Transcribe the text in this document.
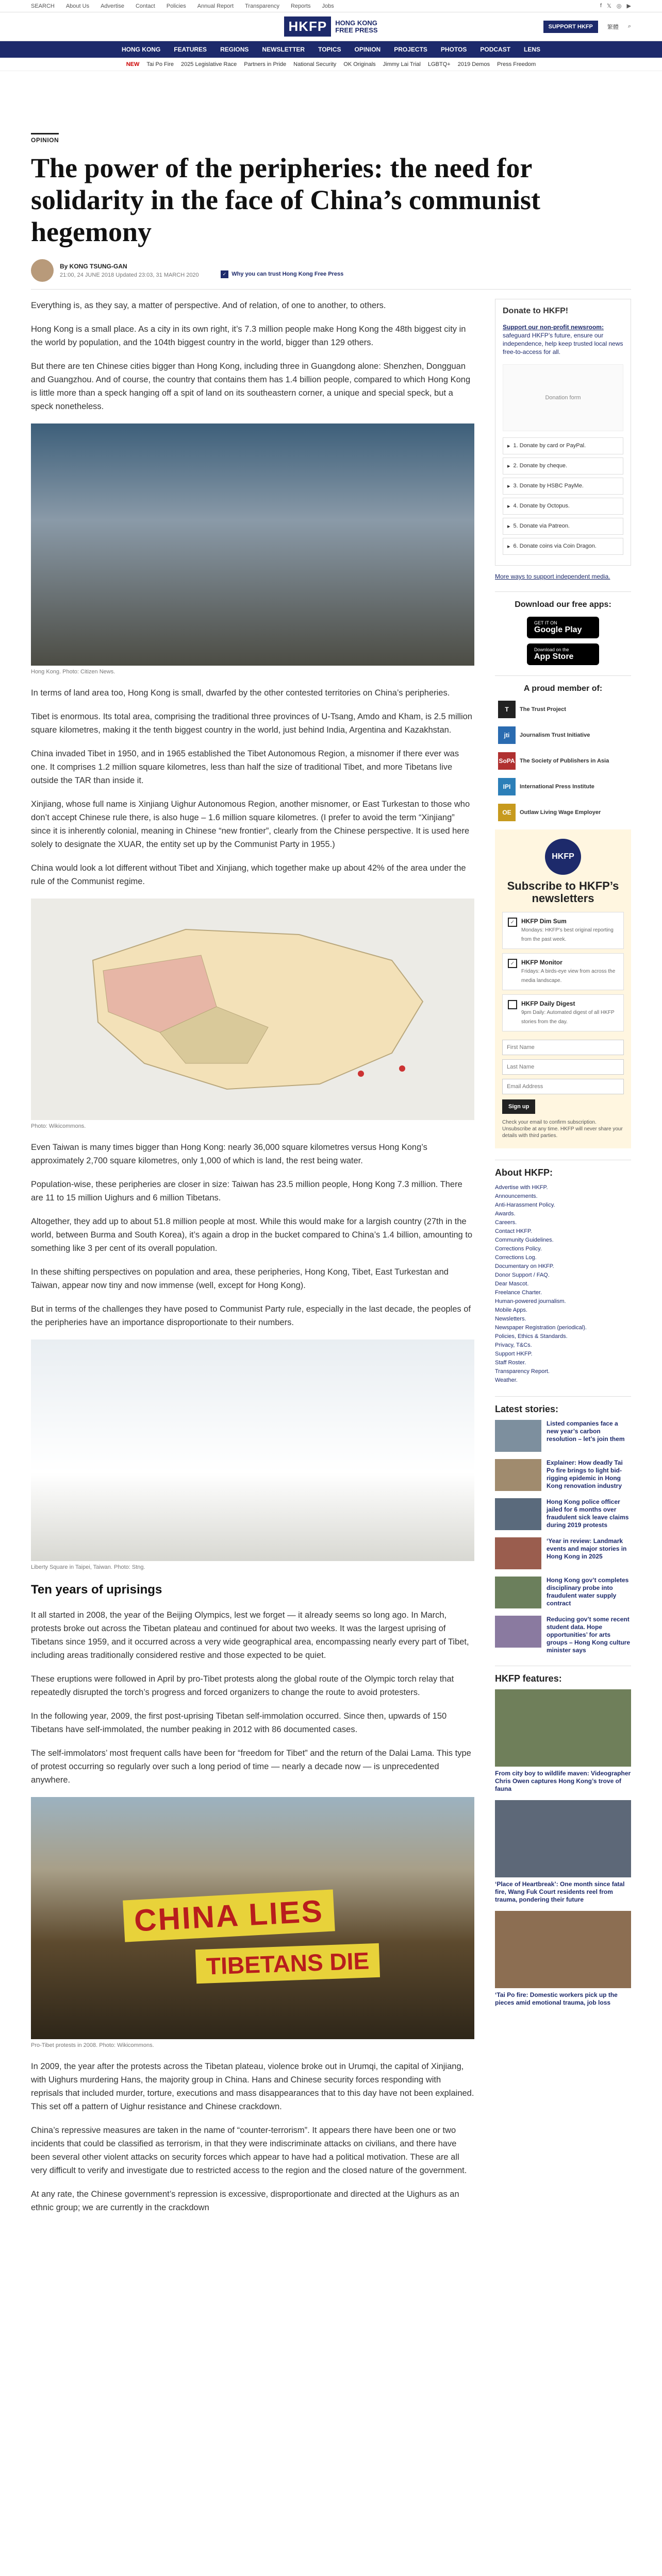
SEARCH About Us Advertise Contact Policies Annual Report Transparency Reports Jobs	f 𝕏 ◎ ▶
HKFP	HONG KONG
FREE PRESS	SUPPORT HKFP	繁體 ⌕
HONG KONG FEATURES REGIONS NEWSLETTER TOPICS OPINION PROJECTS PHOTOS PODCAST LENS
NEW Tai Po Fire 2025 Legislative Race Partners in Pride National Security OK Originals Jimmy Lai Trial LGBTQ+ 2019 Demos Press Freedom
OPINION
The power of the peripheries: the need for solidarity in the face of China’s communist hegemony
By KONG TSUNG-GAN
21:00, 24 JUNE 2018 Updated 23:03, 31 MARCH 2020	✓ Why you can trust Hong Kong Free Press

Everything is, as they say, a matter of perspective. And of relation, of one to another, to others.

Hong Kong is a small place. As a city in its own right, it’s 7.3 million people make Hong Kong the 48th biggest city in the world by population, and the 104th biggest country in the world, bigger than 129 others.

But there are ten Chinese cities bigger than Hong Kong, including three in Guangdong alone: Shenzhen, Dongguan and Guangzhou. And of course, the country that contains them has 1.4 billion people, compared to which Hong Kong is little more than a speck hanging off a spit of land on its southeastern corner, a unique and special speck, but a speck nonetheless.

Hong Kong. Photo: Citizen News.

In terms of land area too, Hong Kong is small, dwarfed by the other contested territories on China’s peripheries.

Tibet is enormous. Its total area, comprising the traditional three provinces of U-Tsang, Amdo and Kham, is 2.5 million square kilometres, making it the tenth biggest country in the world, just behind India, Argentina and Kazakhstan.

China invaded Tibet in 1950, and in 1965 established the Tibet Autonomous Region, a misnomer if there ever was one. It comprises 1.2 million square kilometres, less than half the size of traditional Tibet, and more Tibetans live outside the TAR than inside it.

Xinjiang, whose full name is Xinjiang Uighur Autonomous Region, another misnomer, or East Turkestan to those who don’t accept Chinese rule there, is also huge – 1.6 million square kilometres. (I prefer to avoid the term “Xinjiang” since it is inherently colonial, meaning in Chinese “new frontier”, clearly from the Chinese perspective. It is used here solely to designate the XUAR, the entity set up by the Communist Party in 1955.)

China would look a lot different without Tibet and Xinjiang, which together make up about 42% of the area under the rule of the Communist regime.

Photo: Wikicommons.

Even Taiwan is many times bigger than Hong Kong: nearly 36,000 square kilometres versus Hong Kong’s approximately 2,700 square kilometres, only 1,000 of which is land, the rest being water.

Population-wise, these peripheries are closer in size: Taiwan has 23.5 million people, Hong Kong 7.3 million. There are 11 to 15 million Uighurs and 6 million Tibetans.

Altogether, they add up to about 51.8 million people at most. While this would make for a largish country (27th in the world, between Burma and South Korea), it’s again a drop in the bucket compared to China’s 1.4 billion, amounting to something like 3 per cent of its overall population.

In these shifting perspectives on population and area, these peripheries, Hong Kong, Tibet, East Turkestan and Taiwan, appear now tiny and now immense (well, except for Hong Kong).

But in terms of the challenges they have posed to Communist Party rule, especially in the last decade, the peoples of the peripheries have an importance disproportionate to their numbers.

Liberty Square in Taipei, Taiwan. Photo: Stng.
Ten years of uprisings

It all started in 2008, the year of the Beijing Olympics, lest we forget — it already seems so long ago. In March, protests broke out across the Tibetan plateau and continued for about two weeks. It was the largest uprising of Tibetans since 1959, and it occurred across a very wide geographical area, encompassing nearly every part of Tibet, including areas traditionally considered restive and those expected to be quiet.

These eruptions were followed in April by pro-Tibet protests along the global route of the Olympic torch relay that repeatedly disrupted the torch’s progress and forced organizers to change the route to avoid protesters.

In the following year, 2009, the first post-uprising Tibetan self-immolation occurred. Since then, upwards of 150 Tibetans have self-immolated, the number peaking in 2012 with 86 documented cases.

The self-immolators’ most frequent calls have been for “freedom for Tibet” and the return of the Dalai Lama. This type of protest occurring so regularly over such a long period of time — nearly a decade now — is unprecedented anywhere.

CHINA LIES
TIBETANS DIE
Pro-Tibet protests in 2008. Photo: Wikicommons.

In 2009, the year after the protests across the Tibetan plateau, violence broke out in Urumqi, the capital of Xinjiang, with Uighurs murdering Hans, the majority group in China. Hans and Chinese security forces responding with reprisals that included murder, torture, executions and mass disappearances that to this day have not been explained. This set off a pattern of Uighur resistance and Chinese crackdown.

China’s repressive measures are taken in the name of “counter-terrorism”. It appears there have been one or two incidents that could be classified as terrorism, in that they were indiscriminate attacks on civilians, and there have been several other violent attacks on security forces which appear to have had a political motivation. These are all very difficult to verify and investigate due to restricted access to the region and the closed nature of the government.

At any rate, the Chinese government’s repression is excessive, disproportionate and directed at the Uighurs as an ethnic group; we are currently in the crackdown

Donate to HKFP!
Support our non-profit newsroom: safeguard HKFP’s future, ensure our independence, help keep trusted local news free-to-access for all.
Donation form
▸ 1. Donate by card or PayPal.
▸ 2. Donate by cheque.
▸ 3. Donate by HSBC PayMe.
▸ 4. Donate by Octopus.
▸ 5. Donate via Patreon.
▸ 6. Donate coins via Coin Dragon.
More ways to support independent media.
Download our free apps:
GET IT ON
Google Play
Download on the
App Store
A proud member of:
T	The Trust Project
jti	Journalism Trust Initiative
SoPA The Society of Publishers in Asia
IPI	International Press Institute
OE	Outlaw Living Wage Employer
HKFP
Subscribe to HKFP’s newsletters
✓	HKFP Dim Sum
Mondays: HKFP’s best original reporting from the past week.
✓	HKFP Monitor
Fridays: A birds-eye view from across the media landscape.
HKFP Daily Digest
9pm Daily: Automated digest of all HKFP stories from the day.
First Name Last Name Email Address Sign up
Check your email to confirm subscription. Unsubscribe at any time. HKFP will never share your details with third parties.
About HKFP:
Advertise with HKFP.
Announcements.
Anti-Harassment Policy.
Awards.
Careers.
Contact HKFP.
Community Guidelines.
Corrections Policy.
Corrections Log.
Documentary on HKFP.
Donor Support / FAQ.
Dear Mascot.
Freelance Charter.
Human-powered journalism.
Mobile Apps.
Newsletters.
Newspaper Registration (periodical).
Policies, Ethics & Standards.
Privacy, T&Cs.
Support HKFP.
Staff Roster.
Transparency Report.
Weather.
Latest stories:
Listed companies face a new year’s carbon resolution – let’s join them
Explainer: How deadly Tai Po fire brings to light bid-rigging epidemic in Hong Kong renovation industry
Hong Kong police officer jailed for 6 months over fraudulent sick leave claims during 2019 protests
‘Year in review: Landmark events and major stories in Hong Kong in 2025
Hong Kong gov’t completes disciplinary probe into fraudulent water supply contract
Reducing gov’t some recent student data. Hope opportunities’ for arts groups – Hong Kong culture minister says
HKFP features:
From city boy to wildlife maven: Videographer Chris Owen captures Hong Kong’s trove of fauna
‘Place of Heartbreak’: One month since fatal fire, Wang Fuk Court residents reel from trauma, pondering their future
‘Tai Po fire: Domestic workers pick up the pieces amid emotional trauma, job loss
